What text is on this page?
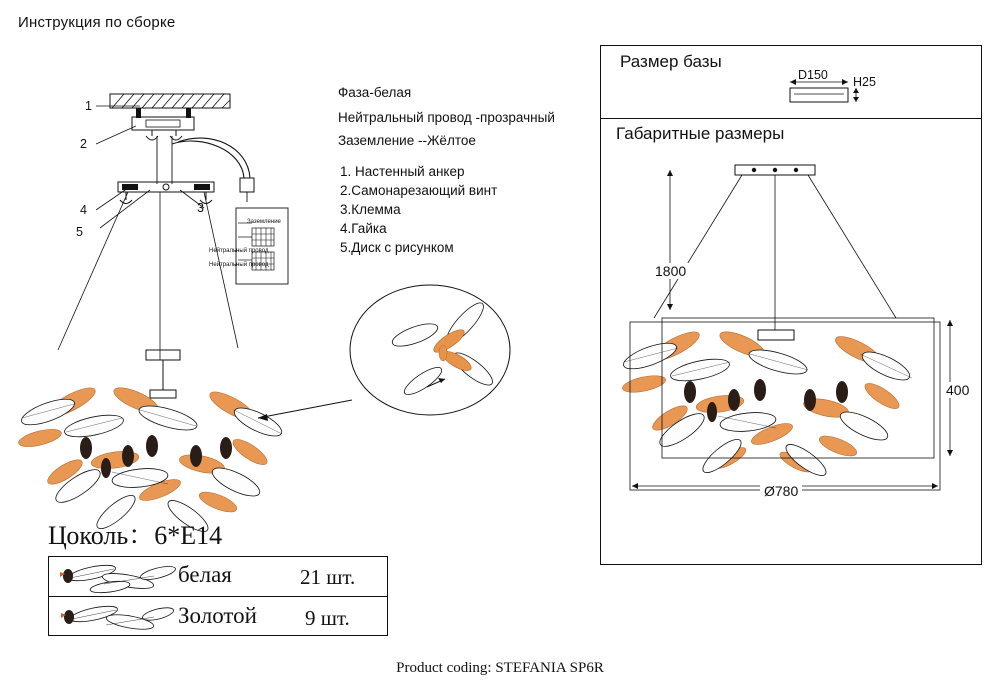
Инструкция по сборке
1
2
3
4
5
Заземление
Нейтральный провод
Нейтральный провод
Фаза-белая
Нейтральный провод -прозрачный
Заземление --Жёлтое
1. Настенный анкер
2.Самонарезающий винт
3.Клемма
4.Гайка
5.Диск с рисунком
Цоколь：6*E14
белая	21 шт.
Золотой 9 шт.
Размер базы
Габаритные размеры
D150 H25
1800
400
Ø780
Product coding: STEFANIA SP6R
